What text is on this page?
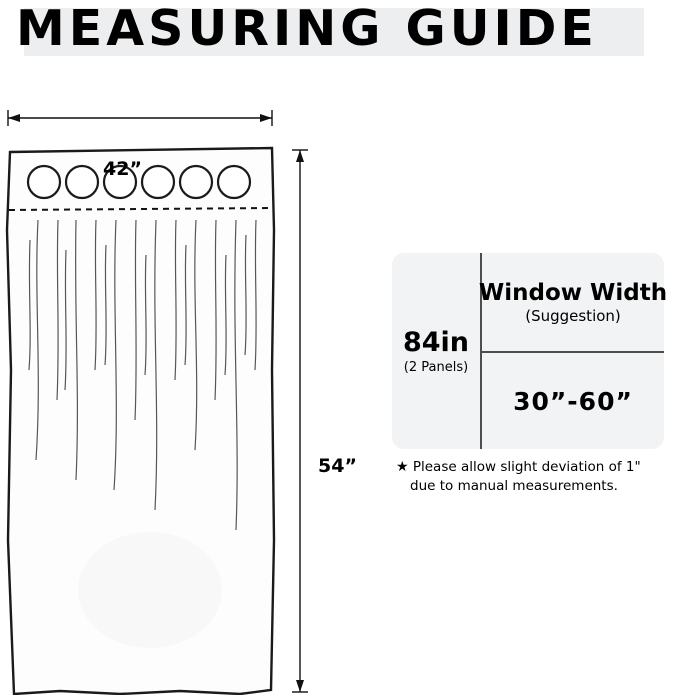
MEASURING GUIDE
42”
54”
84in
(2 Panels)
Window Width
(Suggestion)
30”-60”
★ Please allow slight deviation of 1"
due to manual measurements.
